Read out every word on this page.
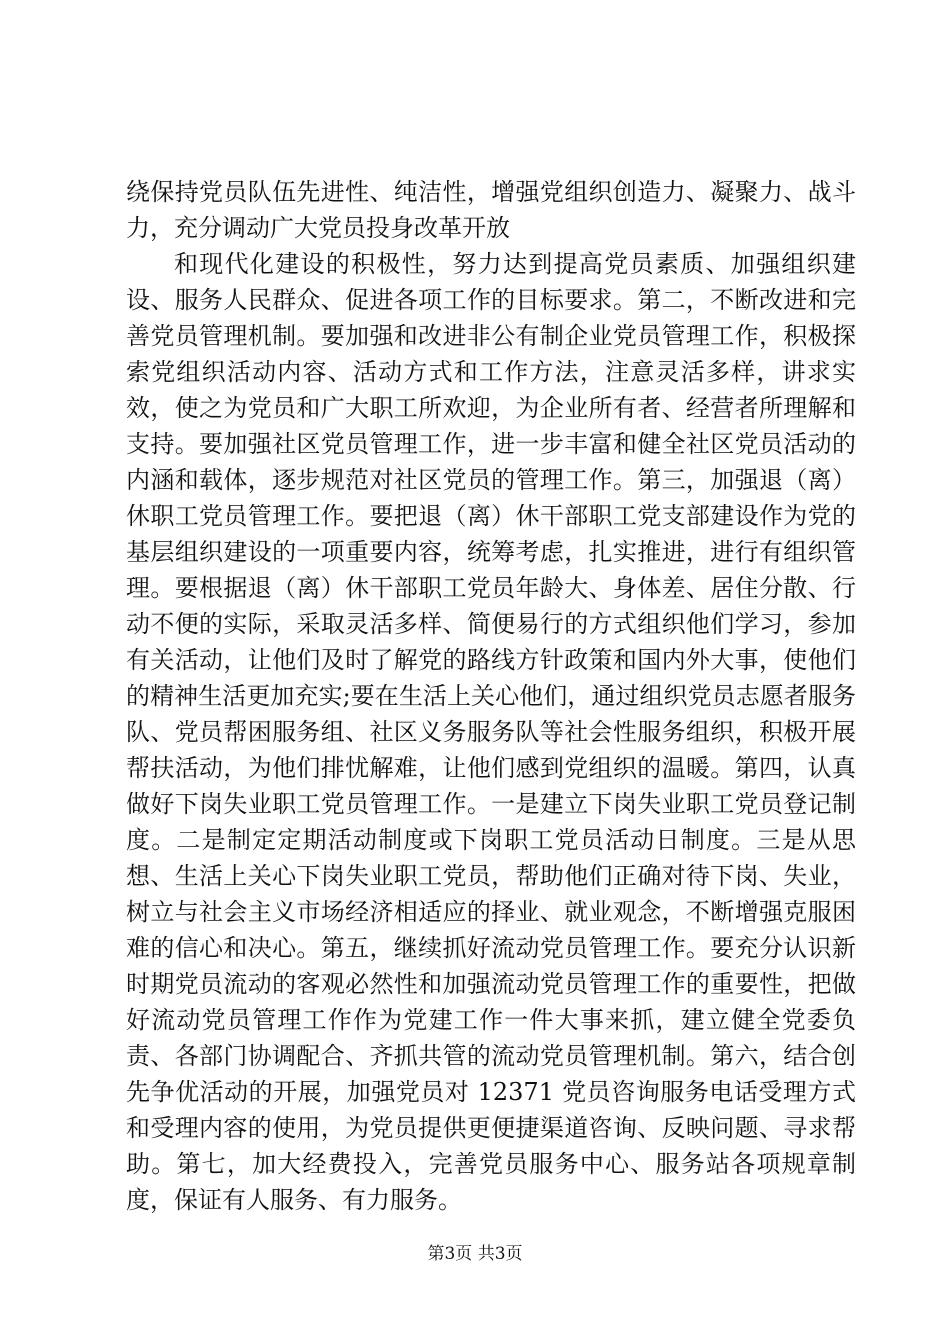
绕保持党员队伍先进性、纯洁性，增强党组织创造力、凝聚力、战斗力，充分调动广大党员投身改革开放

和现代化建设的积极性，努力达到提高党员素质、加强组织建设、服务人民群众、促进各项工作的目标要求。第二，不断改进和完善党员管理机制。要加强和改进非公有制企业党员管理工作，积极探索党组织活动内容、活动方式和工作方法，注意灵活多样，讲求实效，使之为党员和广大职工所欢迎，为企业所有者、经营者所理解和支持。要加强社区党员管理工作，进一步丰富和健全社区党员活动的内涵和载体，逐步规范对社区党员的管理工作。第三，加强退（离）休职工党员管理工作。要把退（离）休干部职工党支部建设作为党的基层组织建设的一项重要内容，统筹考虑，扎实推进，进行有组织管理。要根据退（离）休干部职工党员年龄大、身体差、居住分散、行动不便的实际，采取灵活多样、简便易行的方式组织他们学习，参加有关活动，让他们及时了解党的路线方针政策和国内外大事，使他们的精神生活更加充实;要在生活上关心他们，通过组织党员志愿者服务队、党员帮困服务组、社区义务服务队等社会性服务组织，积极开展帮扶活动，为他们排忧解难，让他们感到党组织的温暖。第四，认真做好下岗失业职工党员管理工作。一是建立下岗失业职工党员登记制度。二是制定定期活动制度或下岗职工党员活动日制度。三是从思想、生活上关心下岗失业职工党员，帮助他们正确对待下岗、失业，树立与社会主义市场经济相适应的择业、就业观念，不断增强克服困难的信心和决心。第五，继续抓好流动党员管理工作。要充分认识新时期党员流动的客观必然性和加强流动党员管理工作的重要性，把做好流动党员管理工作作为党建工作一件大事来抓，建立健全党委负责、各部门协调配合、齐抓共管的流动党员管理机制。第六，结合创先争优活动的开展，加强党员对 12371 党员咨询服务电话受理方式和受理内容的使用，为党员提供更便捷渠道咨询、反映问题、寻求帮助。第七，加大经费投入，完善党员服务中心、服务站各项规章制度，保证有人服务、有力服务。

第3页 共3页
